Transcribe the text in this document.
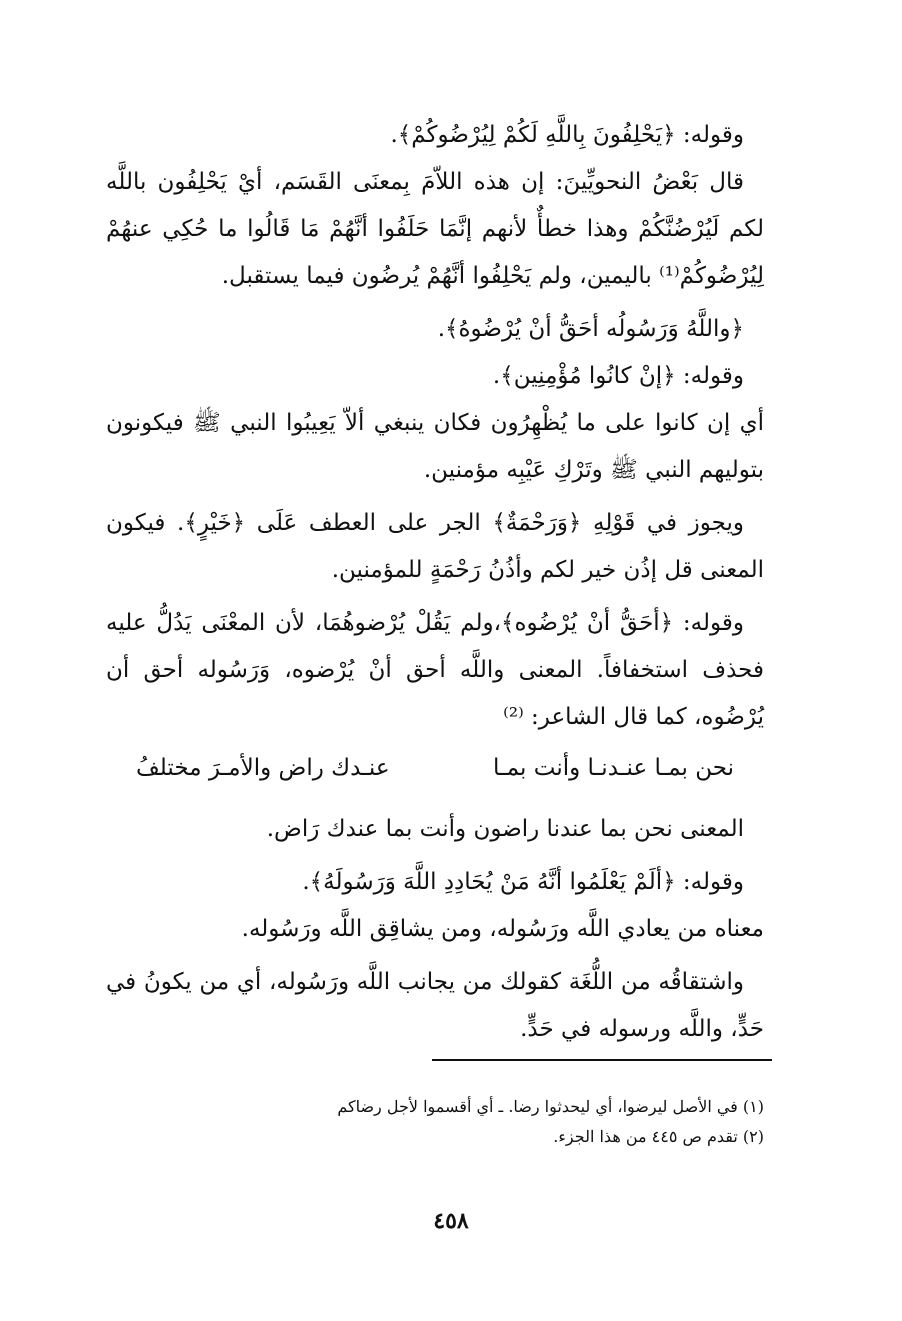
وقوله: ﴿يَحْلِفُونَ بِاللَّهِ لَكُمْ لِيُرْضُوكُمْ﴾.

قال بَعْضُ النحويِّينَ: إن هذه اللاّمَ بِمعنَى القَسَم، أيْ يَحْلِفُون باللَّه لكم لَيُرْضُنَّكُمْ وهذا خطأٌ لأنهم إنَّمَا حَلَفُوا أنَّهُمْ مَا قَالُوا ما حُكِي عنهُمْ لِيُرْضُوكُمْ⁽¹⁾ باليمين، ولم يَحْلِفُوا أنَّهُمْ يُرضُون فيما يستقبل.

﴿واللَّهُ وَرَسُولُه أحَقُّ أنْ يُرْضُوهُ﴾.

وقوله: ﴿إنْ كانُوا مُؤْمِنِين﴾.

أي إن كانوا على ما يُظْهِرُون فكان ينبغي ألاّ يَعِيبُوا النبي ﷺ فيكونون بتوليهم النبي ﷺ وتَرْكِ عَيْبِه مؤمنين.

ويجوز في قَوْلِهِ ﴿وَرَحْمَةٌ﴾ الجر على العطف عَلَى ﴿خَيْرٍ﴾. فيكون المعنى قل إذُن خير لكم وأذُنُ رَحْمَةٍ للمؤمنين.

وقوله: ﴿أحَقُّ أنْ يُرْضُوه﴾،ولم يَقُلْ يُرْضوهُمَا، لأن المعْنَى يَدُلُّ عليه فحذف استخفافاً. المعنى واللَّه أحق أنْ يُرْضوه، وَرَسُوله أحق أن يُرْضُوه، كما قال الشاعر: ⁽²⁾

نحن بمـا عنـدنـا وأنت بمـا
عنـدك راض والأمـرَ مختلفُ

المعنى نحن بما عندنا راضون وأنت بما عندك رَاض.

وقوله: ﴿ألَمْ يَعْلَمُوا أنَّهُ مَنْ يُحَادِدِ اللَّهَ وَرَسُولَهُ﴾.

معناه من يعادي اللَّه ورَسُوله، ومن يشاقِق اللَّه ورَسُوله.

واشتقاقُه من اللُّغَة كقولك من يجانب اللَّه ورَسُوله، أي من يكونُ في حَدٍّ، واللَّه ورسوله في حَدٍّ.

(١) في الأصل ليرضوا، أي ليحدثوا رضا. ـ أي أقسموا لأجل رضاكم

(٢) تقدم ص ٤٤٥ من هذا الجزء.

٤٥٨
